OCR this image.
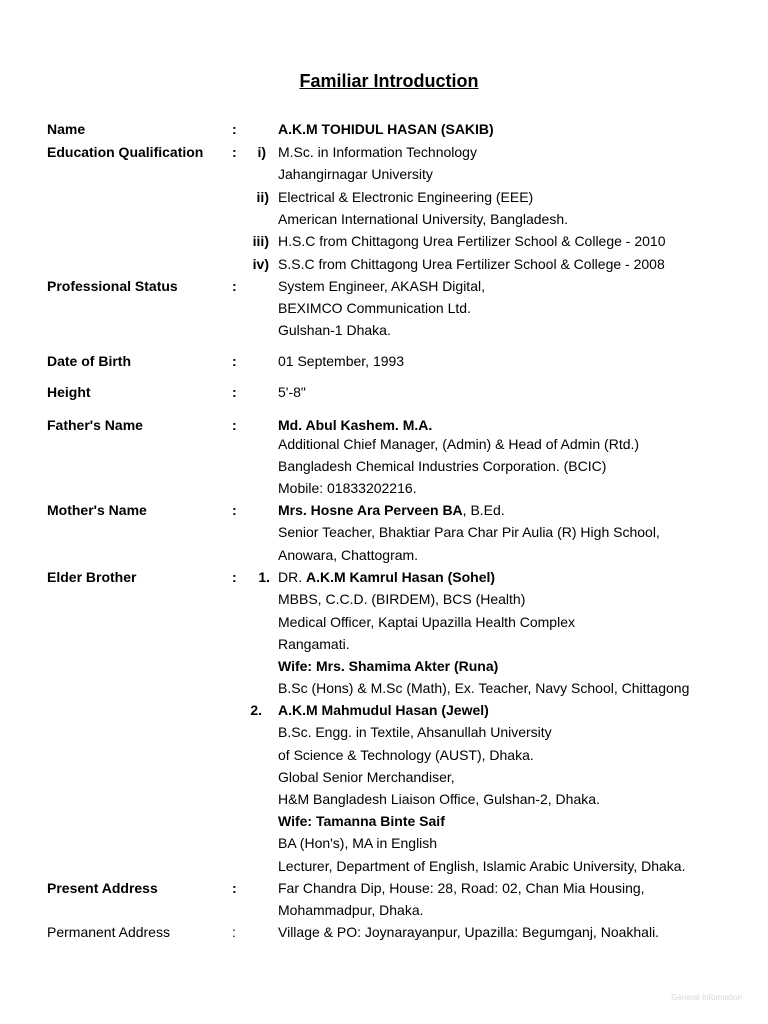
Familiar Introduction
Name	:	A.K.M TOHIDUL HASAN (SAKIB)
Education Qualification :	i) M.Sc. in Information Technology
Jahangirnagar University
ii) Electrical & Electronic Engineering (EEE)
American International University, Bangladesh.
iii) H.S.C from Chittagong Urea Fertilizer School & College - 2010
iv) S.S.C from Chittagong Urea Fertilizer School & College - 2008
Professional Status	:	System Engineer, AKASH Digital,
BEXIMCO Communication Ltd.
Gulshan-1 Dhaka.
Date of Birth	:	01 September, 1993
Height	:	5'-8"
Father's Name	:	Md. Abul Kashem. M.A.
Additional Chief Manager, (Admin) & Head of Admin (Rtd.)
Bangladesh Chemical Industries Corporation. (BCIC)
Mobile: 01833202216.
Mother's Name	:	Mrs. Hosne Ara Perveen BA, B.Ed.
Senior Teacher, Bhaktiar Para Char Pir Aulia (R) High School,
Anowara, Chattogram.
Elder Brother	:	1. DR. A.K.M Kamrul Hasan (Sohel)
MBBS, C.C.D. (BIRDEM), BCS (Health)
Medical Officer, Kaptai Upazilla Health Complex
Rangamati.
Wife: Mrs. Shamima Akter (Runa)
B.Sc (Hons) & M.Sc (Math), Ex. Teacher, Navy School, Chittagong
2. A.K.M Mahmudul Hasan (Jewel)
B.Sc. Engg. in Textile, Ahsanullah University
of Science & Technology (AUST), Dhaka.
Global Senior Merchandiser,
H&M Bangladesh Liaison Office, Gulshan-2, Dhaka.
Wife: Tamanna Binte Saif
BA (Hon's), MA in English
Lecturer, Department of English, Islamic Arabic University, Dhaka.
Present Address	:	Far Chandra Dip, House: 28, Road: 02, Chan Mia Housing,
Mohammadpur, Dhaka.
Permanent Address	:	Village & PO: Joynarayanpur, Upazilla: Begumganj, Noakhali.
General Information
